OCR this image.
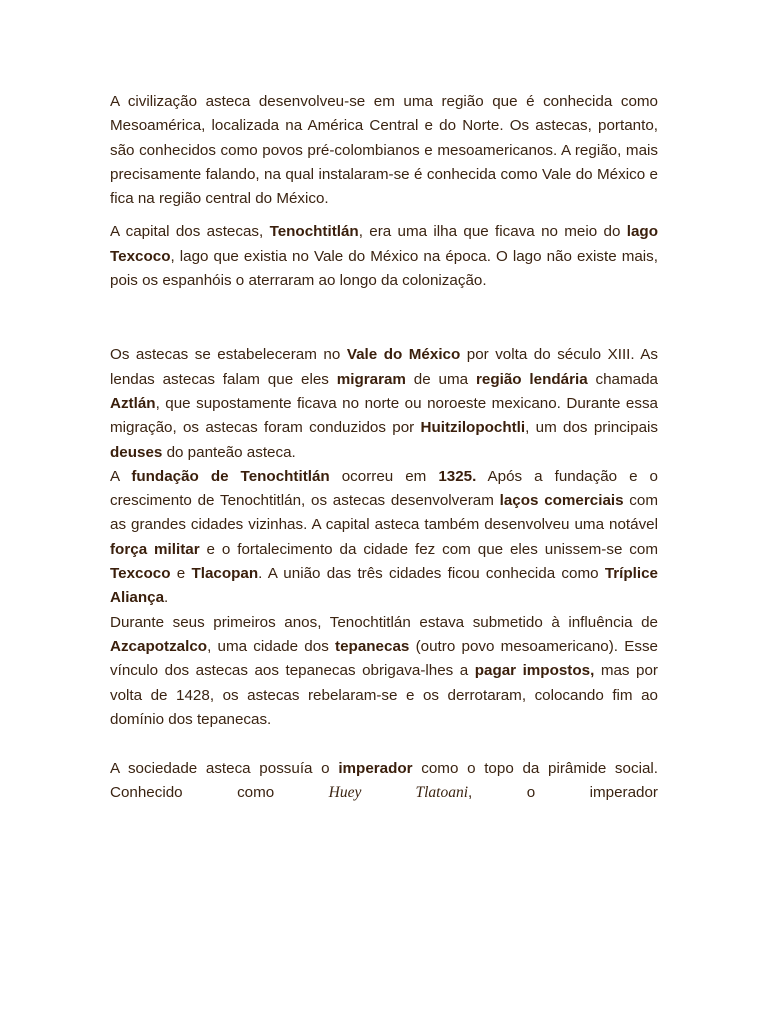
A civilização asteca desenvolveu-se em uma região que é conhecida como Mesoamérica, localizada na América Central e do Norte. Os astecas, portanto, são conhecidos como povos pré-colombianos e mesoamericanos. A região, mais precisamente falando, na qual instalaram-se é conhecida como Vale do México e fica na região central do México.

A capital dos astecas, Tenochtitlán, era uma ilha que ficava no meio do lago Texcoco, lago que existia no Vale do México na época. O lago não existe mais, pois os espanhóis o aterraram ao longo da colonização.

Os astecas se estabeleceram no Vale do México por volta do século XIII. As lendas astecas falam que eles migraram de uma região lendária chamada Aztlán, que supostamente ficava no norte ou noroeste mexicano. Durante essa migração, os astecas foram conduzidos por Huitzilopochtli, um dos principais deuses do panteão asteca.

A fundação de Tenochtitlán ocorreu em 1325. Após a fundação e o crescimento de Tenochtitlán, os astecas desenvolveram laços comerciais com as grandes cidades vizinhas. A capital asteca também desenvolveu uma notável força militar e o fortalecimento da cidade fez com que eles unissem-se com Texcoco e Tlacopan. A união das três cidades ficou conhecida como Tríplice Aliança.

Durante seus primeiros anos, Tenochtitlán estava submetido à influência de Azcapotzalco, uma cidade dos tepanecas (outro povo mesoamericano). Esse vínculo dos astecas aos tepanecas obrigava-lhes a pagar impostos, mas por volta de 1428, os astecas rebelaram-se e os derrotaram, colocando fim ao domínio dos tepanecas.

A sociedade asteca possuía o imperador como o topo da pirâmide social. Conhecido como Huey Tlatoani, o imperador
